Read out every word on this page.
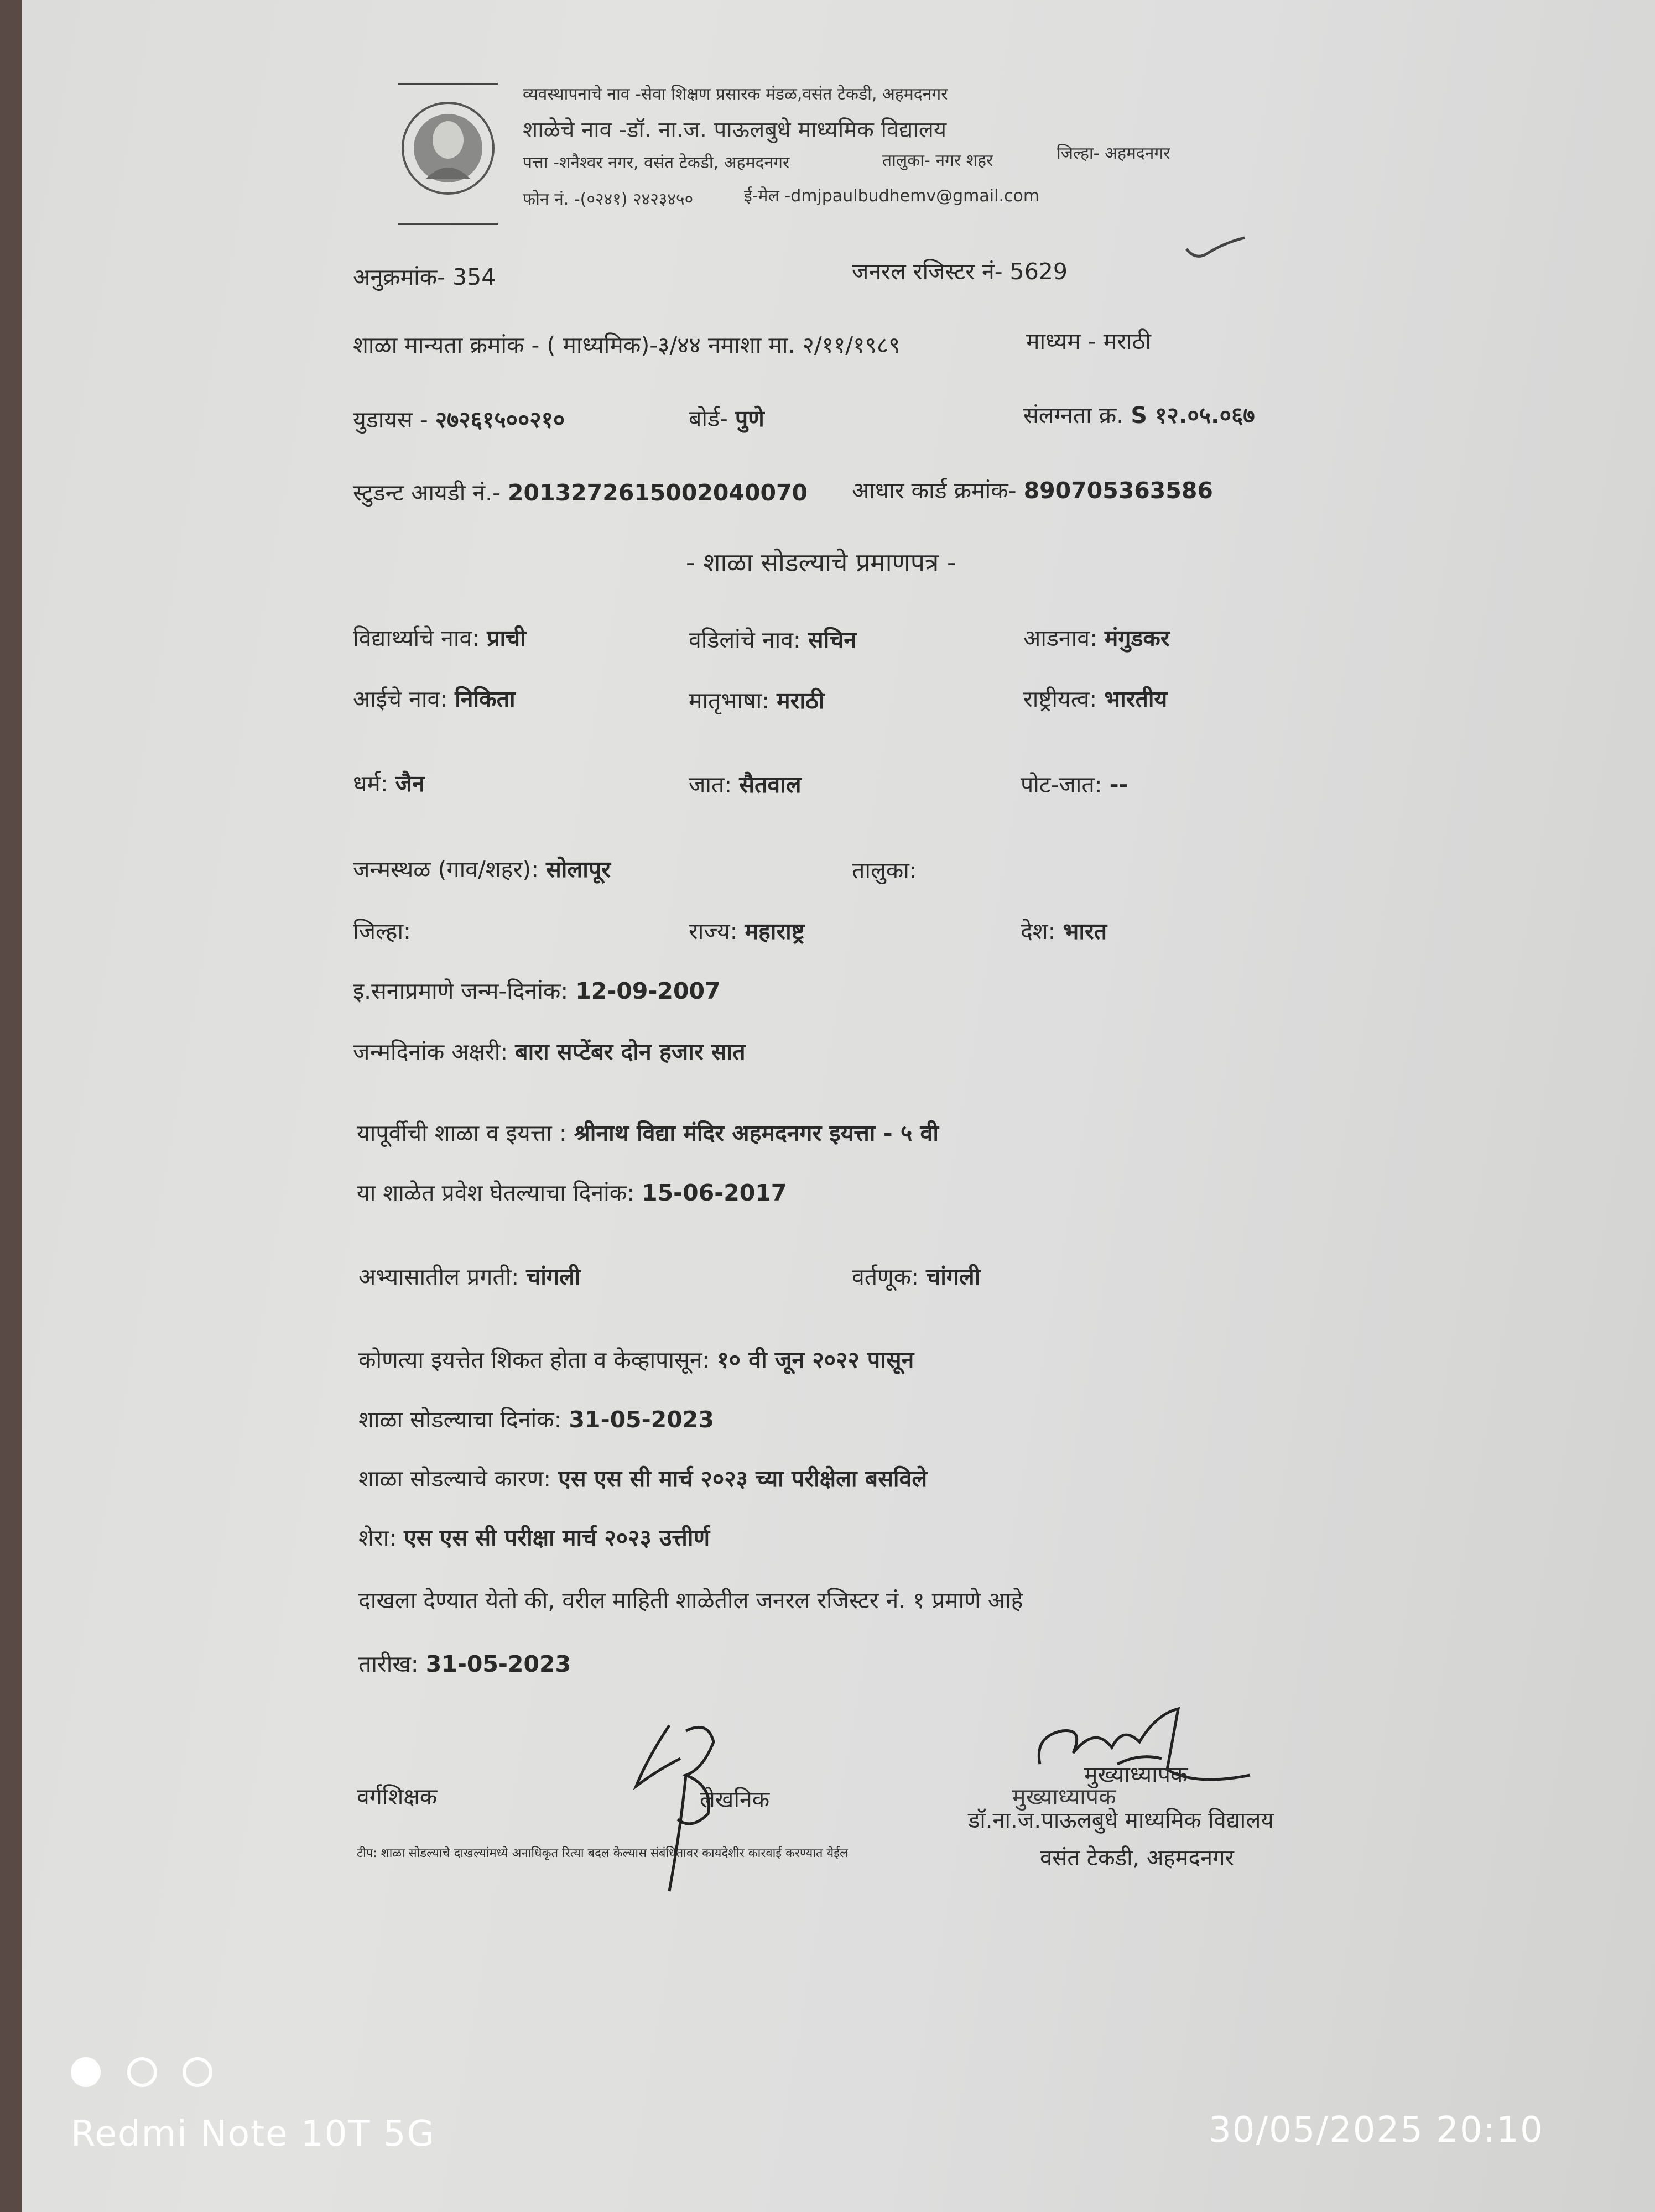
व्यवस्थापनाचे नाव -सेवा शिक्षण प्रसारक मंडळ,वसंत टेकडी, अहमदनगर
शाळेचे नाव -डॉ. ना.ज. पाऊलबुधे माध्यमिक विद्यालय
पत्ता -शनैश्वर नगर, वसंत टेकडी, अहमदनगर	तालुका- नगर शहर	जिल्हा- अहमदनगर
फोन नं. -(०२४१) २४२३४५०	ई-मेल -dmjpaulbudhemv@gmail.com
अनुक्रमांक- 354	जनरल रजिस्टर नं- 5629
शाळा मान्यता क्रमांक - ( माध्यमिक)-३/४४ नमाशा मा. २/११/१९८९	माध्यम - मराठी
युडायस - २७२६१५००२१०	बोर्ड- पुणे	संलग्नता क्र. S १२.०५.०६७
स्टुडन्ट आयडी नं.- 2013272615002040070 आधार कार्ड क्रमांक- 890705363586
- शाळा सोडल्याचे प्रमाणपत्र -
विद्यार्थ्याचे नाव: प्राची	वडिलांचे नाव: सचिन	आडनाव: मंगुडकर
आईचे नाव: निकिता	मातृभाषा: मराठी	राष्ट्रीयत्व: भारतीय
धर्म: जैन	जात: सैतवाल	पोट-जात: --
जन्मस्थळ (गाव/शहर): सोलापूर	तालुका:
जिल्हा:	राज्य: महाराष्ट्र	देश: भारत
इ.सनाप्रमाणे जन्म-दिनांक: 12-09-2007
जन्मदिनांक अक्षरी: बारा सप्टेंबर दोन हजार सात
यापूर्वीची शाळा व इयत्ता : श्रीनाथ विद्या मंदिर अहमदनगर इयत्ता - ५ वी
या शाळेत प्रवेश घेतल्याचा दिनांक: 15-06-2017
अभ्यासातील प्रगती: चांगली	वर्तणूक: चांगली
कोणत्या इयत्तेत शिकत होता व केव्हापासून: १० वी जून २०२२ पासून
शाळा सोडल्याचा दिनांक: 31-05-2023
शाळा सोडल्याचे कारण: एस एस सी मार्च २०२३ च्या परीक्षेला बसविले
शेरा: एस एस सी परीक्षा मार्च २०२३ उत्तीर्ण
दाखला देण्यात येतो की, वरील माहिती शाळेतील जनरल रजिस्टर नं. १ प्रमाणे आहे
तारीख: 31-05-2023
वर्गशिक्षक	लेखनिक
मुख्याध्यापक
मुख्याध्यापक
डॉ.ना.ज.पाऊलबुधे माध्यमिक विद्यालय
वसंत टेकडी, अहमदनगर
टीप: शाळा सोडल्याचे दाखल्यांमध्ये अनाधिकृत रित्या बदल केल्यास संबंधितावर कायदेशीर कारवाई करण्यात येईल
Redmi Note 10T 5G	30/05/2025 20:10
